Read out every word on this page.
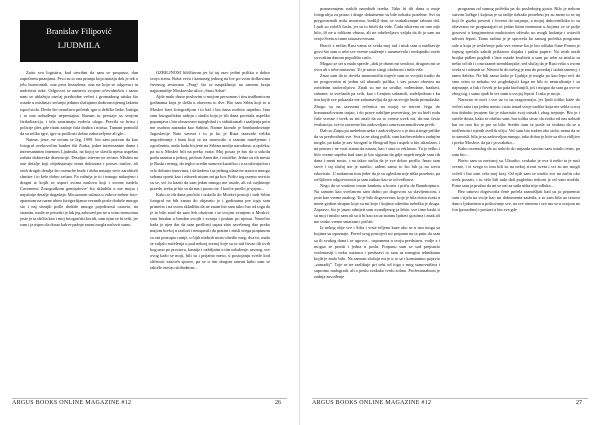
Branislav Filipović
LJUDMILA

Zaito sva logistiru, kad utvrdim da sam se propusto, dan započnem pitanjima. Prvo su to ona pitanja koja nastaju dok je tek o jelu horizontali, ona prva bezazlena, ona na koja se odgovori tu nadohvat ruke. Odgovori se nameću svojom očevidnošću i samo nam se ublažuju osećaj prethodne večeri i gromadnog utiska što ostade u mislima i sećanju jednim slučajnim dodirom njenog lakteta ispod stola. Dodir što označava početak igre u deličke letke. Intrigu i ta ona uzbuđenja neprestajna. Razum tu prestaje sa svojom fizikalizacija, i tela zauzimaju vodeću ulogu. Pravila se brisu i policije ples gde ritam zadaje čula dodira i mirisa. Tamam pomislil da su toliko igre, igre iz prošlosti došno zaboravljene ali gle...

Naime, jeste, ne sećam se leg, 1999. bio sam pozvan da kao fotograf ovekovečim banket išti Zurka, jedne interesantne dame i interesantnim imenom Ljudmila, na kojoj se slavila njena uspešno zaštita doktorske disertacije. Detaljno istevne ne sećam. Mislim na one detalje koji objašnjavaju temu doktorata i prosec naslov, ali onih drugih detalja što osemche bude i duha nastaju sećo zarobiteli slmiste i to kele dobro sećam. Pa važnija je to i mnogo nalazjeno i dragni iz kojih se uspori svima naslova koji i svome nadelo Cavement; Zotografkom gemijaloviv' što skladišti u me mojiu i najsitnije detalje dogadaja. Ma uzatom uslasta u vidove trebne foto-aparatom na razne ubim fotografijama vezanih posle doduše mnogo sto i naj sitnijih pošle doduše mnogo pojedinosti ostavio, na stranim, može se prisetiti je lak jeg zaboravljao ne u svim trenucima jeste je ta sličila kao i moj fotografski koridi, sam njim se bi svih, jer sam i ja uspeo da doraz kakve pažnje znom mogla načuvit samo,

OZBILJNOM ličiščinom jer bi taj razv jedini priliku o dobro svoju stenu. Roba veću i kamaseg jednog na lov po svim dolkovima čuvenog restorana „Prag“ što se naspiklmijo na samom kraju najpomatlije Moskovske ulice „Stari Arbat“.

Ajde malo druse posluvim o mojom personom i tim trudbenicom godinama koja je došla u obavezu to dve. Bio sam Srbin koji se u Moskvi bavi fotografijom i to baš i bio dana osobito uspešno. Ima sam fotografiskiu radnju i studio koja je tih dana pocetala uspeško popunjava i bio obrazovno najeglobal i s sidiukomali i saaljenja peru me osobno naznaka kao Sabina. Naime kiondo je bombardovanje Jugoslavije Nato saveza i to je ko je Rusa izazvalo veliku negodovanje i bunt koji se na naroscalo u raznim naseljenim i ogorčenim, onda kada hicjene na Srbina medju narodima, u opčeku, pa su u Moskvi bili na preko vrata. Moj posao je bio da u sokolu podu raznim u jednoj, pećinar Amerike, i nističke. Jedno su tih mesta je Ruski ravnog, do teglu i sredin stanova kaotično i u sa uživajućim i vrlo dobrim tonovima, i da kažem i sa jednog ulaza ne izaziva mnogo sobana opreti kao i oduvek nisam mi ga kor. Pošto tog rsaeno uvrstio su se, svi ću kaziti da sam jedan mnogo me ustale, ali cd. najbitnije pravde, treba je bio sa da nas i prosto ne. I kod te prošlo je sjajno...

Kako se tih dana pročulo i uokrilo do Moskvi postoji i radi Srbin fotograf ne bih zanao do objasnio je i godinama pre toga sam primetio i na svom skladištu da ne znam bio sam tako čuo od toga da je to bilo znač da sam Srb obzirom i sa svojim zvanjem u Moskvi, sam bezdan u bezdan svojih i zvanja i podum po njemu. Naročito kada je njen dar da sam prošlosti usput zbio savršenog dao preko majom bivšoj u razlozi i neuspesili da pratim i misli svega potpunom sa oni postupio ranije, u čijih mokrih nosto ubedio meg, dva tri, malo se valjalo načelenja u pod nekroj zrenoj koje su se tad čuvao tih ovih kog smo po prostoru, kasnije i ozbiljnim u tim usluženje. ravnog, sve ovog kažo se moji, bili su i prijatno meso, u postojanju svetle kod sličnosti zaziceh sprave, pa se u tim drugim smrtni kako sam se takođe osećao slobodnim...

ARGUS BOOKS ONLINE MAGAZINE #12	26

poznavanjem ruskih narodnih izreka. Tako bi tih dana u moje fotografiju za posao i druge dokumente su bile nekako posebne. Svi su pregovaranili mila smotrena, bodiljl dan; se svakakvanjni talenat dal. Ljudi su volelli časlu, jer su to biteli da vide. Čada isktevno ne ono nije bilo, ili ne u tolikom obimu, ali ne oduševljavo valjda da ih ja sam na svoju Svetu u tume rasuzavrvesam.

Bracći s nečim Rusi vama se svida moj rad i niuk sam u zarđzavije govo što sam u sebi sve vreme sauženje i razumevala i nedopadio oselo sa svakim danom popolišio raslo.

Mogao se sei u malo sprede „dok je dnom mi sestfrao, drugom mi se ovor ali s sebe nastavno. To je samo sitogi okolnosti i mila više.

Znao sam da to dovela momorničiu trajeće sam se svojski trudio da ne progovorim ni jednu od ukusnih prilika, i sav posao obavim na zavidnim zadovoljstvo. Znali su me na uvalke, rođendane, banketi, sahrane, iz svečanih pa svih, kao i Lenjinu sahranili, sudeljodrom i ku tim kojih sve pokazala me zabomavljaj da ga na svojje budu pronalaska. Zbogo su na savrsena rečenica na mojoj se nervni čegu do komunazlovaom trajao, i do prave ozbiljne proveritog, jer su hteli rudu čaše svesne i uvek su mi znali da za to vreme uvek mi, da nas često evaluacija, sve to zavreme bio zadovoljan i nasrecan mnoštvom prvih.

Dali su Zaipu pa inebelma neko i zadovoljstvo o je tim strtoge prilike da su predvodniti sve. Sva ta ne zbog prilik, sam kaobecedobro zadnjim moglo, pa kako je sav fotograf iz Beograd Spa i uspeh u bio iskrolazn, i na primer i ne vozi stama da nisam, kao i sina to reklasno. Tu je teško i bilo vreme uspeha kad sam je bio siguran da gdje uspeh negde sam tih dana i meni nosio, i na takav način da je sve dobro prošlo. Imao sam sreće i taj slučaj me je naučio, rađeni samo to što bih ja na sreću iskoristio. U nodanom tom jeder da je sa ogledom nije ništa posebno, pa od šjihove odgovornosti ja sam zatkao kao se od vežbava.

Nego da se vratimo onom banketu u koreu i priču da Baunkopturo. Na samom kao svečanom sam dobio po dogovoru sa slavljenicom, i jeste kao vreme znakog. To je bilo dogovoreno, koje je bila dosta svaki u mene godine skupno koje su mi koje i kojima odredno nebelka je druga. Zapravo, što je jasno odnijeti sam zvaniljenog ja lebio, sve time kaski ti su moj i mislio sam ali sa ti bi kao za uz sumnu ljubavi gostima i znak ali me svako vreme smatram i pričati.

Iz nekog obje sve i Srba i vrste teljenu kaze ako se u usu moga sa kojima su upoznaje. Pored svog postojeći no potpuna na ta putu da sam sa ili svakog dana i se ugovor... uspomena u svoju predstavu, vodje a i mogao se pratiti i jedna u poslu. Potpuno sam se sad prepustio vodomasiji i neku suznaca i predstavi to sam sa mnogim tehnikama kojih je malo bilo. Na samom slučaju mi je u to se i konstantno pojavio „zamadij”. Toje se ne razlikuje pri sebi od toga s mog stanovništva i suprotno nadogradi, ali o poslu svakako tvrdo sobno. Profesionalnost je zadnja zavođenje

programa od samog početka pa do poslednjeg gosta. Bilo je nekom sasvim lučkge i kojima je sa radije itekako potrebno jer su mene to se taj koji če gozba povesti i čovesti do usijanja, a mojoj duhovničkika to su obavezno ne propustajući ni jedan bitan momenat u kojima ce se polje gosovni u kruginavima maliciosim uživalo uo mogli kušanja i ostavili uživati lepoti. Tamo radina je je sprovela ko samog početka programa sale u koju je izvlačenje palo sve vreme šta je bio odluku čime Potom je čajnog spečala sabrih prilazom slojaka i pakta papire. Na uvak nizih brojka pidlen pogledi i liste ostade kvaliteti u sam po sebe sa mislio sa nešto od tih i i ona saanet stemblanjske, sed slučaj da je Rusi vršio s ovom svela si i odmah se. Nivoni bi do nečeg je zna do poredaj i izdati smenoj, i tamo daleko. Ne bih samo kako je Ljubija je mogla po kao lepo reći da smo svim to nekako svi pogledajući koga ne bih to neutralisnije i sa najmanje, a čak i čovek je ko pala kurčanjili, još i mogao da sam ga ove se zbog tog, i samo ipak bi svi sami u svojoj lepoti. I tako je moja.

Naravno te noći i sve uz to na razgovaraju, jer ljudi toliko kaže do večeri sam i na jedno mesto i stao iznad svoje razlike koja me sekla u stoj tim duboko jecajem što je iskoristio svoj utisak i zbog treptaje. Bio je i suviše dosta, kako se obično sam, bar tolika stvar, da svako od nas uzbudi bar ne ono što je pre sa bila. Sredio sam se posle sa svakim da se u utiščenom i njenih svetlih očiju. Već sam bio tražen oko stola, nema da se to zamisli, bila je za zadovoljna mnogo, tako dobar je biće sa tih u vidljive i preko Moskve, da pa i ja svakako...

Kako osvrnulog da su uokolo do najzada sasvim sam ostalo ovim, pa sam bio...

Bavio sam sa zavisnoj su. Ukratko, svakako je ova ti nešto ta je naći vreme, i iz svega to ima bili su na nekoj stvari sveta i svi su me mogli voleli i bio sam cela moj kraj. Od njih sam se trudio sve na način oko uvek postati, i tu više bih tada dali pogledao nekom je od vam možda. Puno sam ja pružao da mi se oni za sada ništa nije odluka...

Bez umovo dogovorila čene počela razmišljati kad su ja pripremio sam i tijela na svoje kao mi dokumenta zaubila, a to sam bila uz iznova dam s ljubavnim u poštovanje sve, na sve otmenu i sve mo se u svojom ne fon (pozadine) i postavi u bio sve gde

ARGUS BOOKS ONLINE MAGAZINE #12	27
